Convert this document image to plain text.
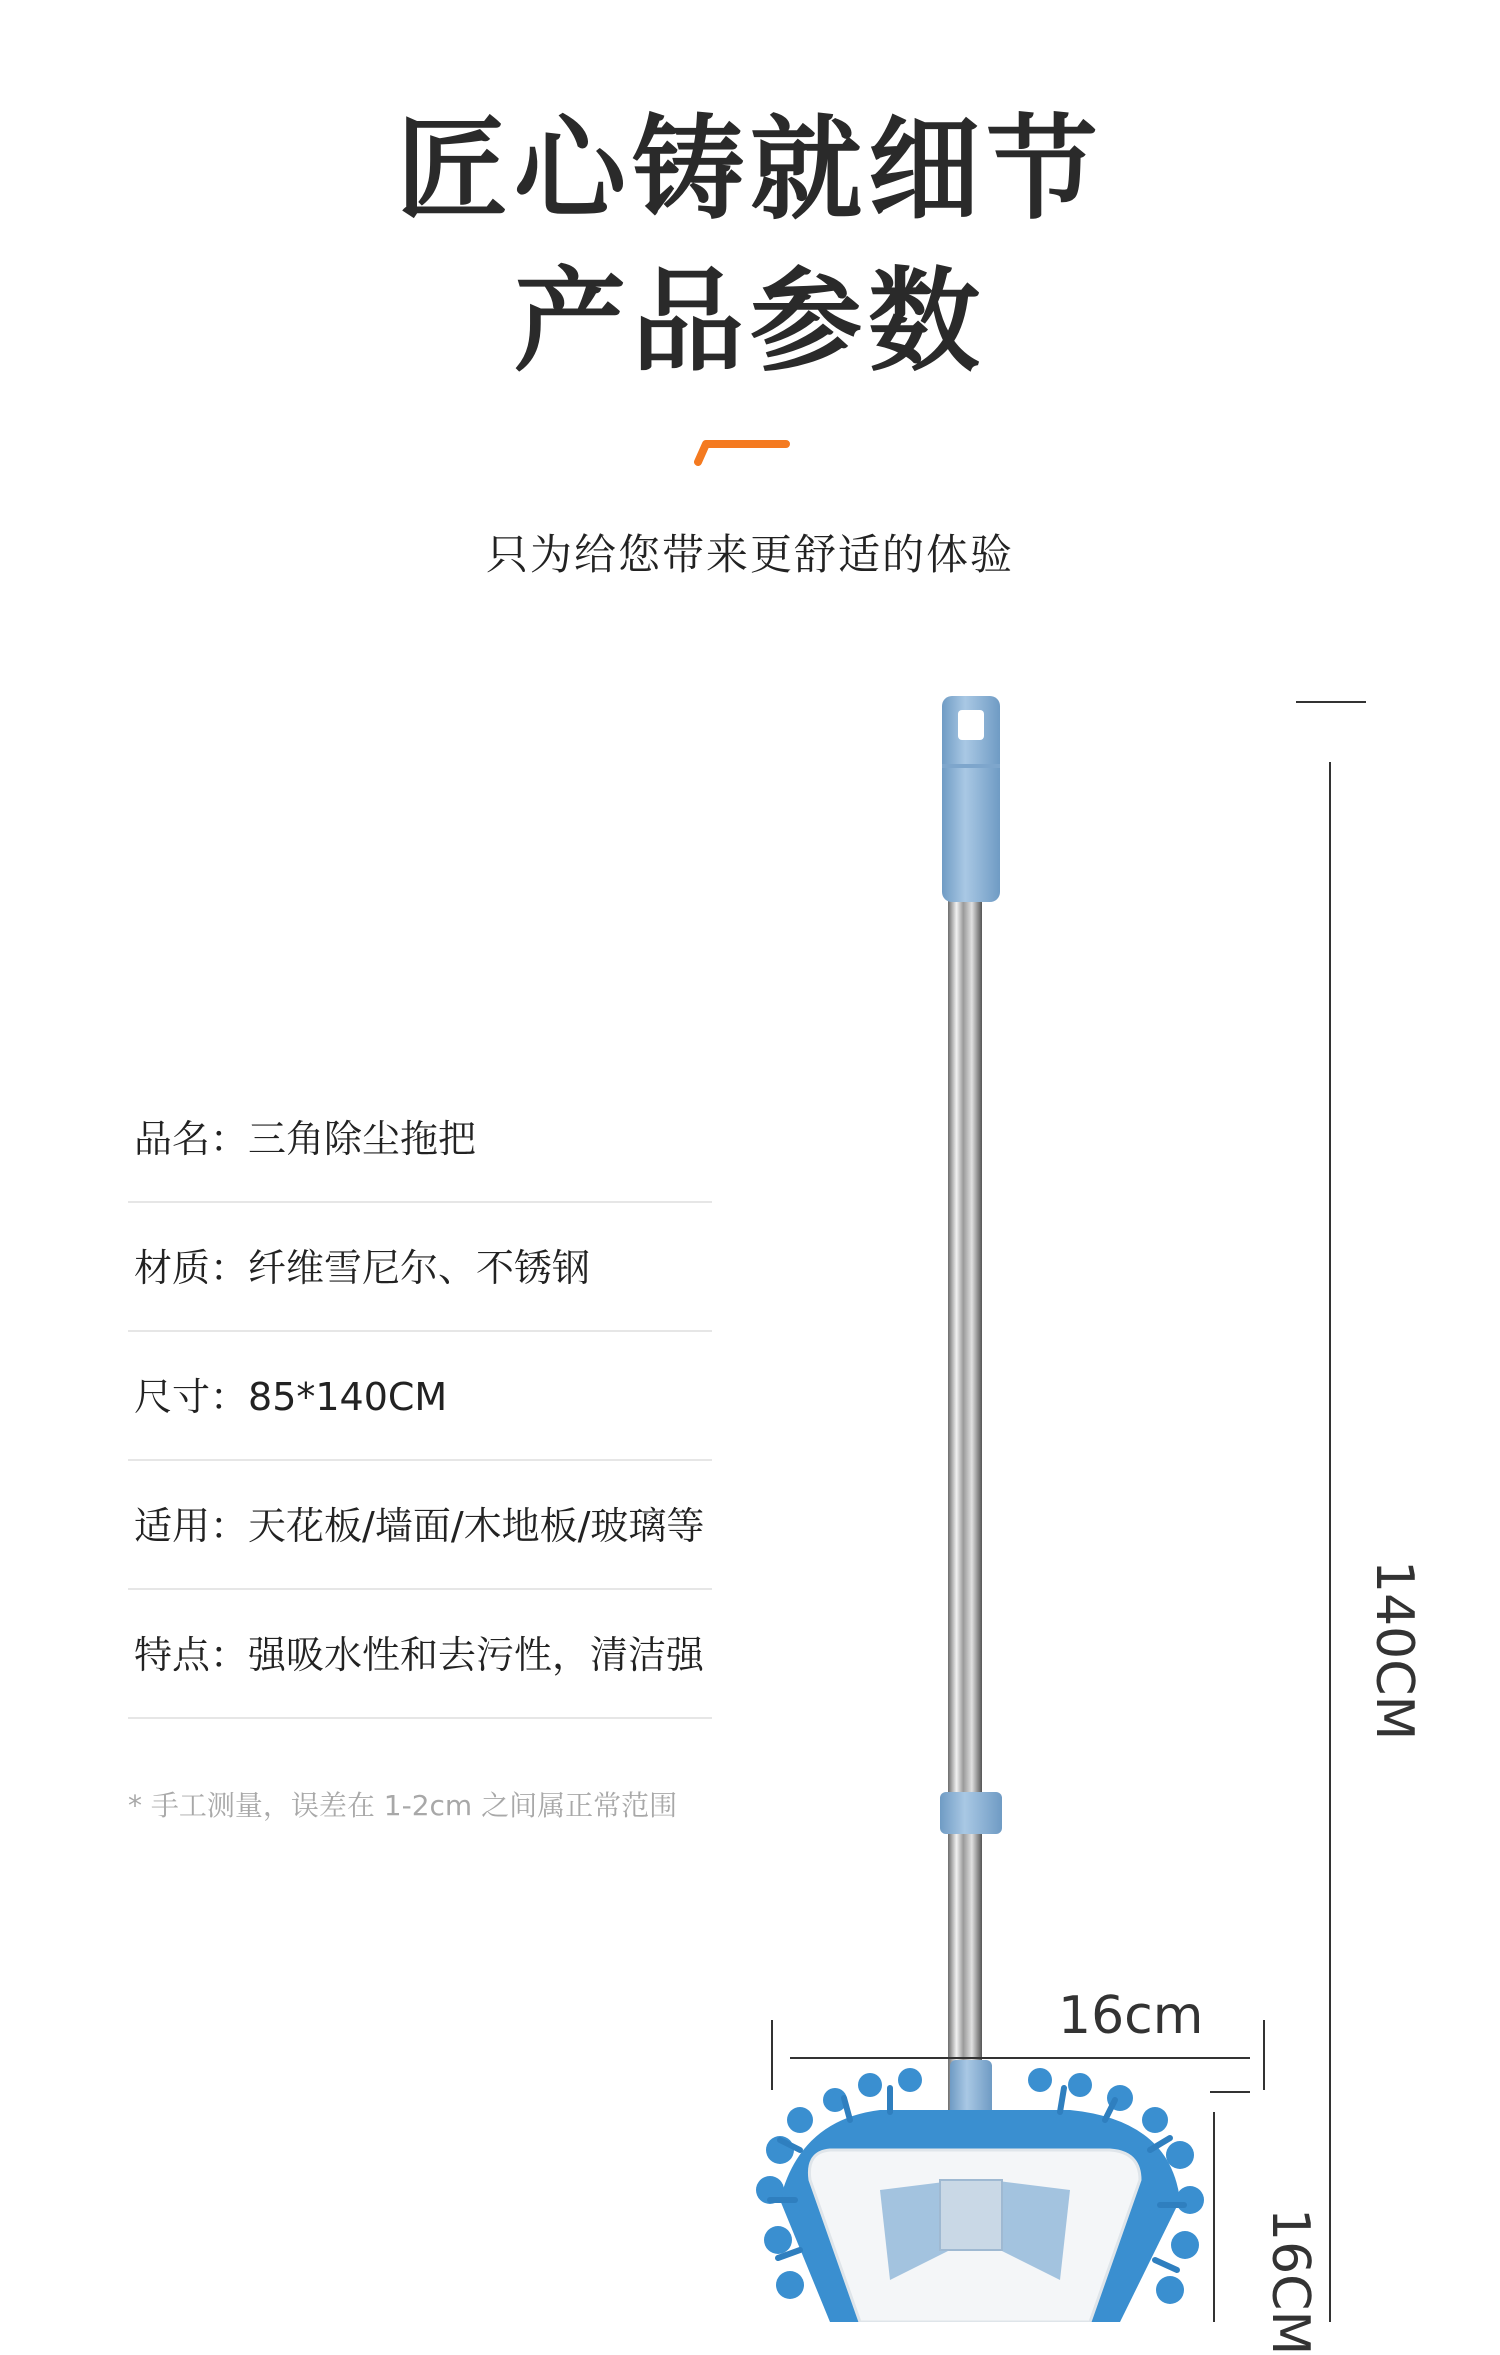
匠心铸就细节
产品参数
只为给您带来更舒适的体验
品名：三角除尘拖把
材质：纤维雪尼尔、不锈钢
尺寸：85*140CM
适用：天花板/墙面/木地板/玻璃等
特点：强吸水性和去污性，清洁强
* 手工测量，误差在 1-2cm 之间属正常范围
140CM
16cm
16CM
